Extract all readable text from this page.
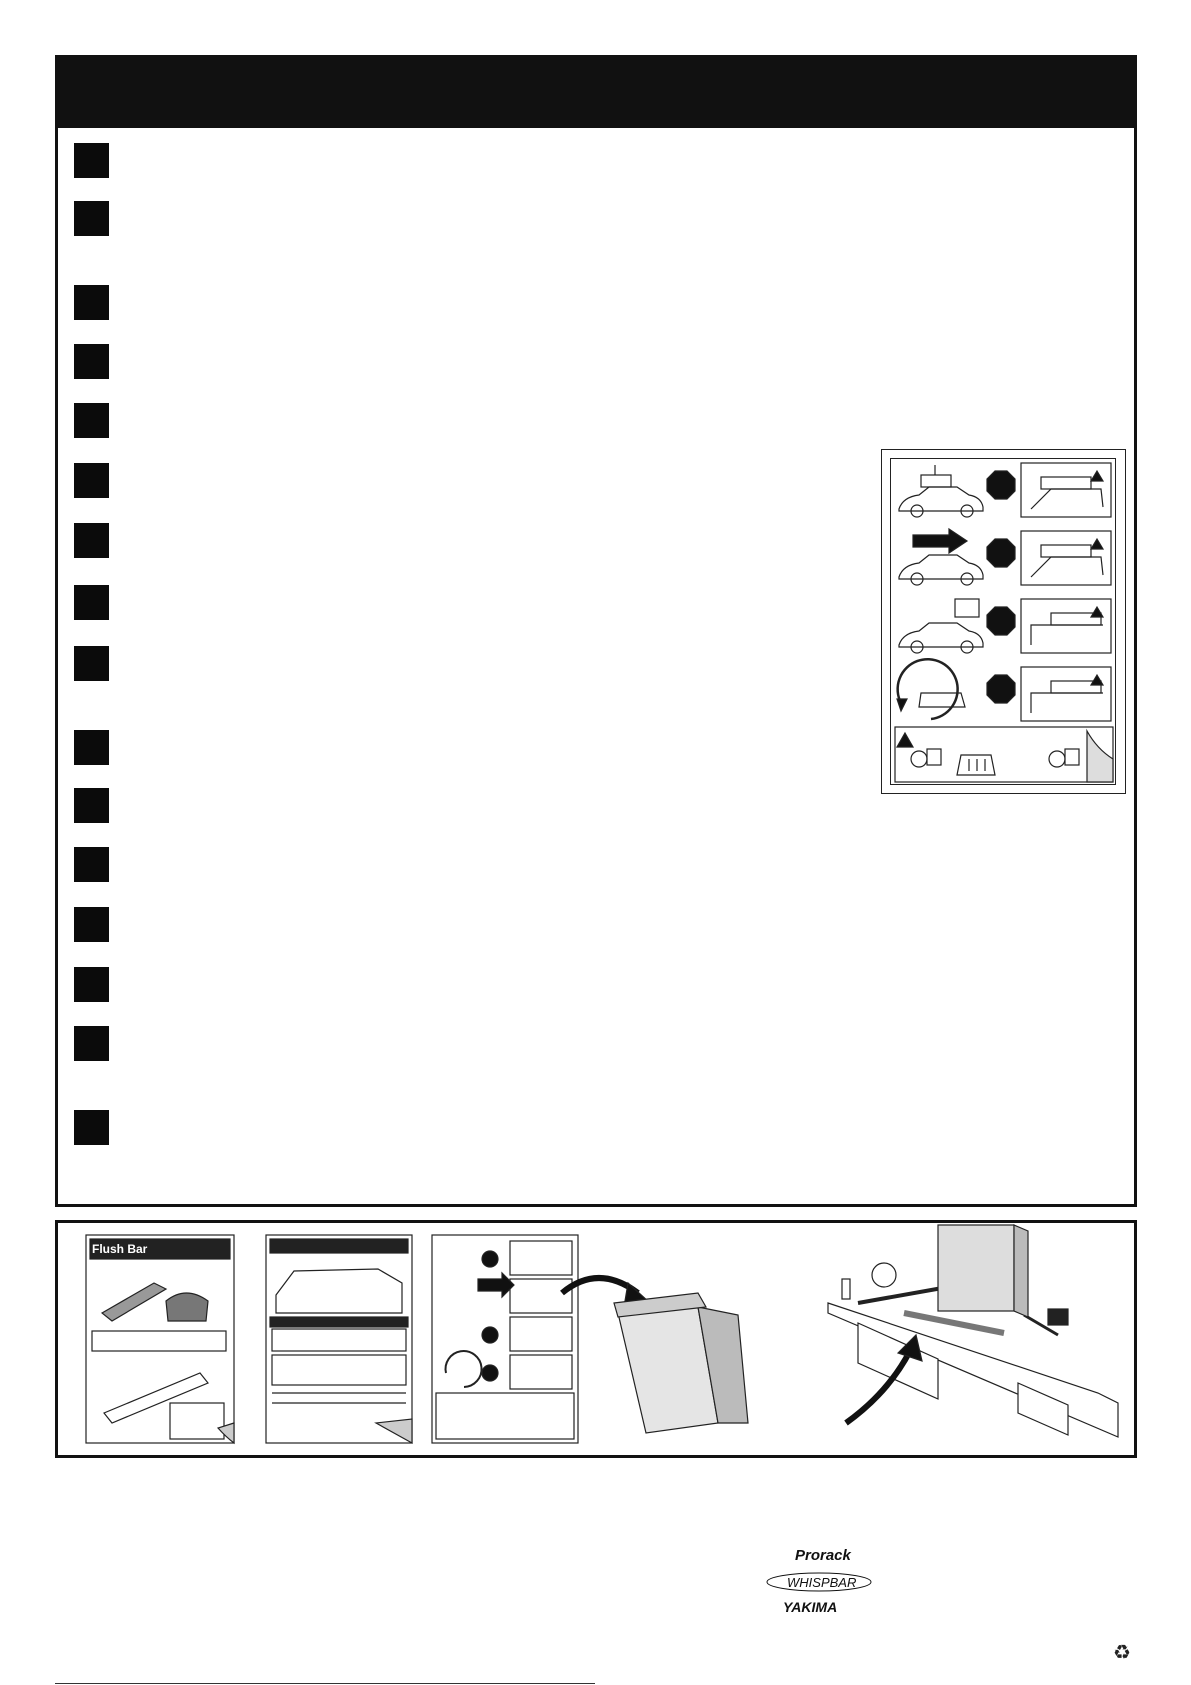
Flush Bar
Prorack
WHISPBAR
YAKIMA
♻
